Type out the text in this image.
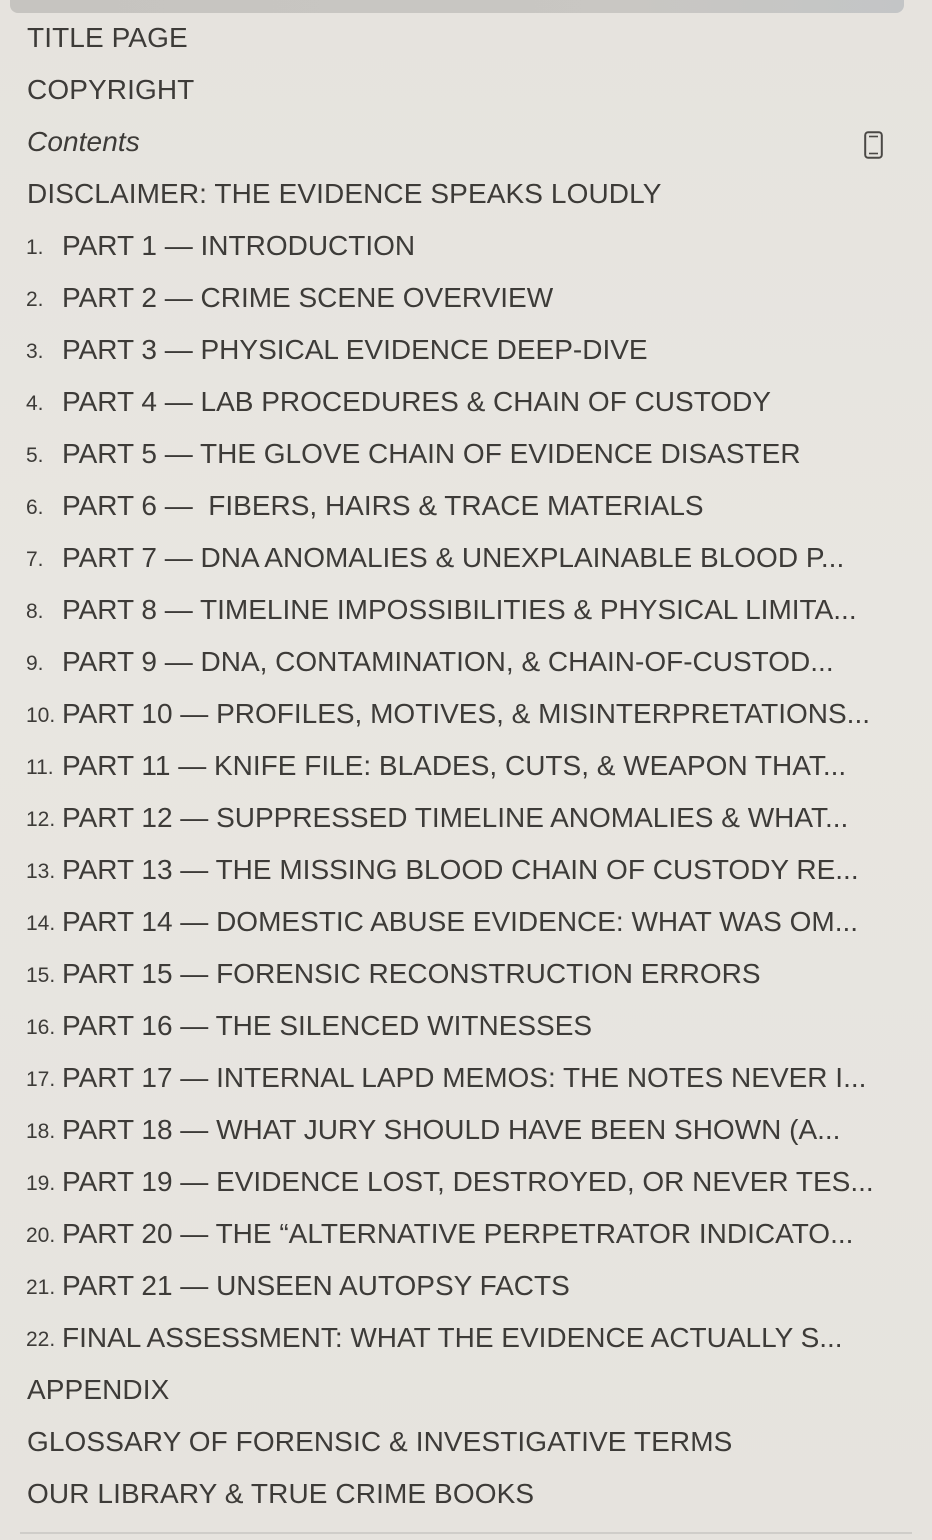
TITLE PAGE
COPYRIGHT
Contents
DISCLAIMER: THE EVIDENCE SPEAKS LOUDLY
1. PART 1 — INTRODUCTION
2. PART 2 — CRIME SCENE OVERVIEW
3. PART 3 — PHYSICAL EVIDENCE DEEP-DIVE
4. PART 4 — LAB PROCEDURES & CHAIN OF CUSTODY
5. PART 5 — THE GLOVE CHAIN OF EVIDENCE DISASTER
6. PART 6 —  FIBERS, HAIRS & TRACE MATERIALS
7. PART 7 — DNA ANOMALIES & UNEXPLAINABLE BLOOD P...
8. PART 8 — TIMELINE IMPOSSIBILITIES & PHYSICAL LIMITA...
9. PART 9 — DNA, CONTAMINATION, & CHAIN-OF-CUSTOD...
10. PART 10 — PROFILES, MOTIVES, & MISINTERPRETATIONS...
11. PART 11 — KNIFE FILE: BLADES, CUTS, & WEAPON THAT...
12. PART 12 — SUPPRESSED TIMELINE ANOMALIES & WHAT...
13. PART 13 — THE MISSING BLOOD CHAIN OF CUSTODY RE...
14. PART 14 — DOMESTIC ABUSE EVIDENCE: WHAT WAS OM...
15. PART 15 — FORENSIC RECONSTRUCTION ERRORS
16. PART 16 — THE SILENCED WITNESSES
17. PART 17 — INTERNAL LAPD MEMOS: THE NOTES NEVER I...
18. PART 18 — WHAT JURY SHOULD HAVE BEEN SHOWN (A...
19. PART 19 — EVIDENCE LOST, DESTROYED, OR NEVER TES...
20. PART 20 — THE “ALTERNATIVE PERPETRATOR INDICATO...
21. PART 21 — UNSEEN AUTOPSY FACTS
22. FINAL ASSESSMENT: WHAT THE EVIDENCE ACTUALLY S...
APPENDIX
GLOSSARY OF FORENSIC & INVESTIGATIVE TERMS
OUR LIBRARY & TRUE CRIME BOOKS
